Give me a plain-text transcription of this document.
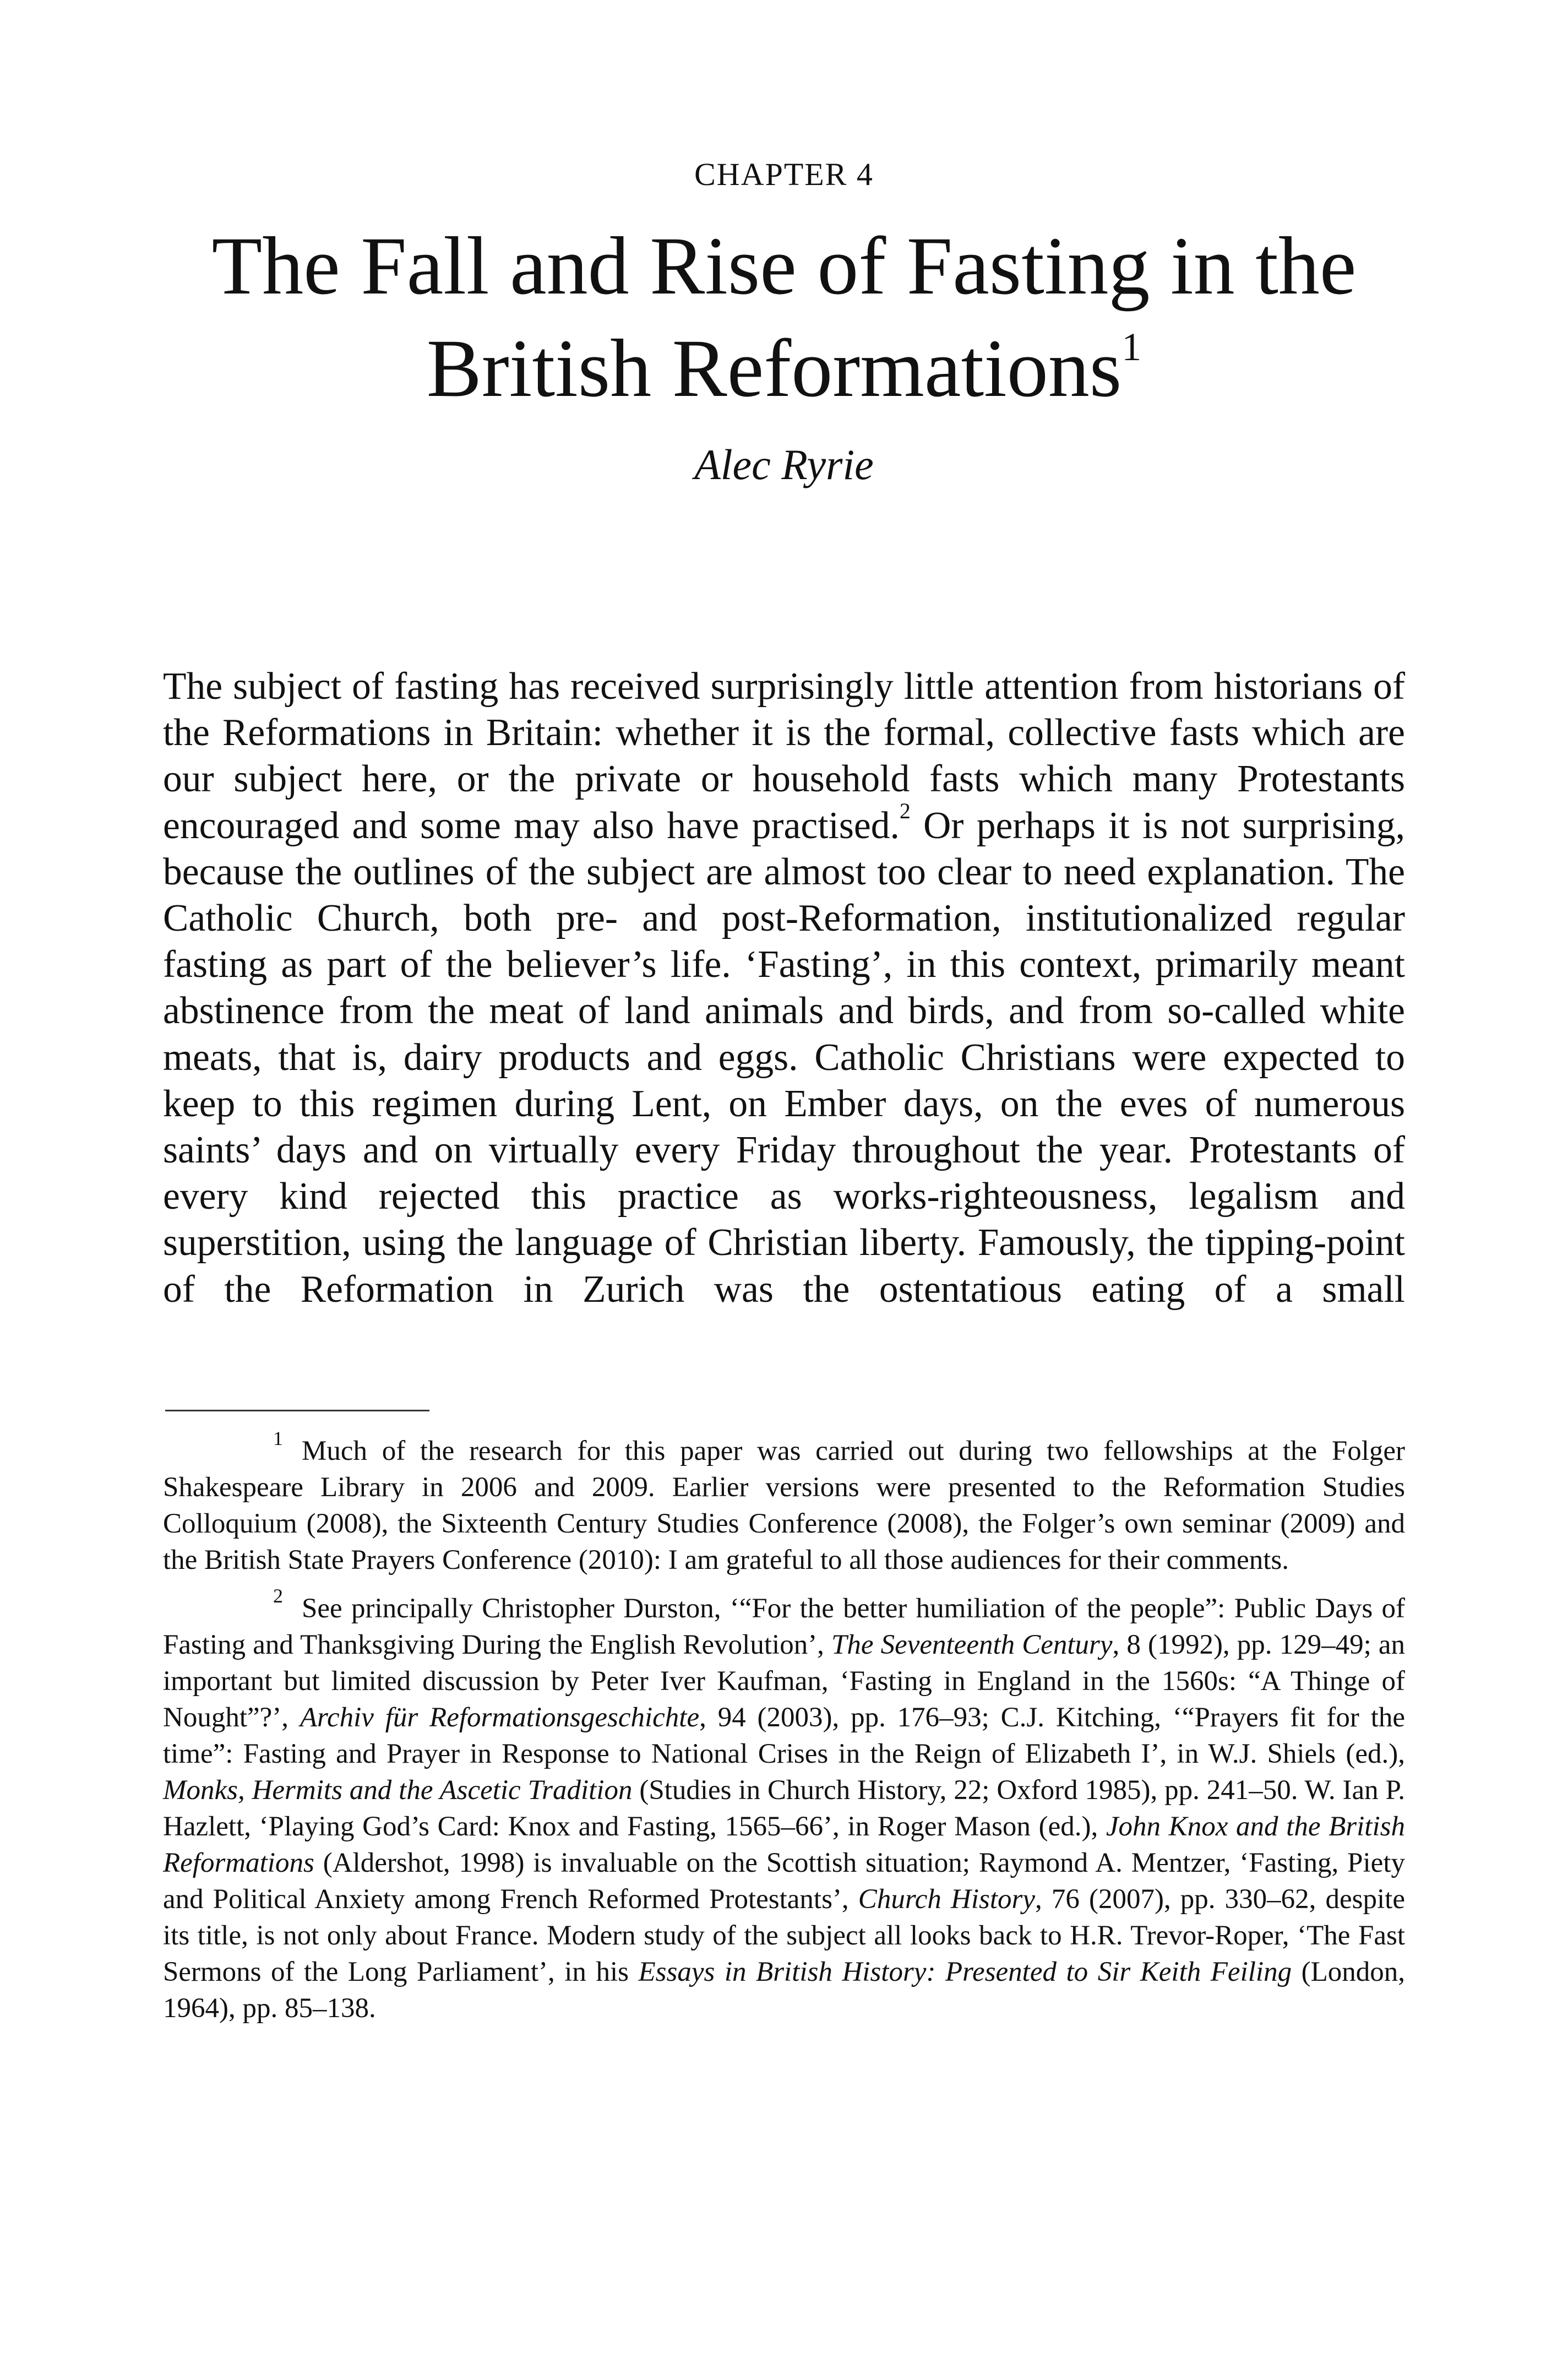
CHAPTER 4
The Fall and Rise of Fasting in the British Reformations$^1$
Alec Ryrie

The subject of fasting has received surprisingly little attention from historians of the Reformations in Britain: whether it is the formal, collective fasts which are our subject here, or the private or household fasts which many Protestants encouraged and some may also have practised.$^2$ Or perhaps it is not surprising, because the outlines of the subject are almost too clear to need explanation. The Catholic Church, both pre- and post-Reformation, institutionalized regular fasting as part of the believer’s life. ‘Fasting’, in this context, primarily meant abstinence from the meat of land animals and birds, and from so-called white meats, that is, dairy products and eggs. Catholic Christians were expected to keep to this regimen during Lent, on Ember days, on the eves of numerous saints’ days and on virtually every Friday throughout the year. Protestants of every kind rejected this practice as works-righteousness, legalism and superstition, using the language of Christian liberty. Famously, the tipping-point of the Reformation in Zurich was the ostentatious eating of a small

1 Much of the research for this paper was carried out during two fellowships at the Folger Shakespeare Library in 2006 and 2009. Earlier versions were presented to the Reformation Studies Colloquium (2008), the Sixteenth Century Studies Conference (2008), the Folger’s own seminar (2009) and the British State Prayers Conference (2010): I am grateful to all those audiences for their comments.

2 See principally Christopher Durston, ‘“For the better humiliation of the people”: Public Days of Fasting and Thanksgiving During the English Revolution’, The Seventeenth Century, 8 (1992), pp. 129–49; an important but limited discussion by Peter Iver Kaufman, ‘Fasting in England in the 1560s: “A Thinge of Nought”?’, Archiv für Reformationsgeschichte, 94 (2003), pp. 176–93; C.J. Kitching, ‘“Prayers fit for the time”: Fasting and Prayer in Response to National Crises in the Reign of Elizabeth I’, in W.J. Shiels (ed.), Monks, Hermits and the Ascetic Tradition (Studies in Church History, 22; Oxford 1985), pp. 241–50. W. Ian P. Hazlett, ‘Playing God’s Card: Knox and Fasting, 1565–66’, in Roger Mason (ed.), John Knox and the British Reformations (Aldershot, 1998) is invaluable on the Scottish situation; Raymond A. Mentzer, ‘Fasting, Piety and Political Anxiety among French Reformed Protestants’, Church History, 76 (2007), pp. 330–62, despite its title, is not only about France. Modern study of the subject all looks back to H.R. Trevor-Roper, ‘The Fast Sermons of the Long Parliament’, in his Essays in British History: Presented to Sir Keith Feiling (London, 1964), pp. 85–138.
